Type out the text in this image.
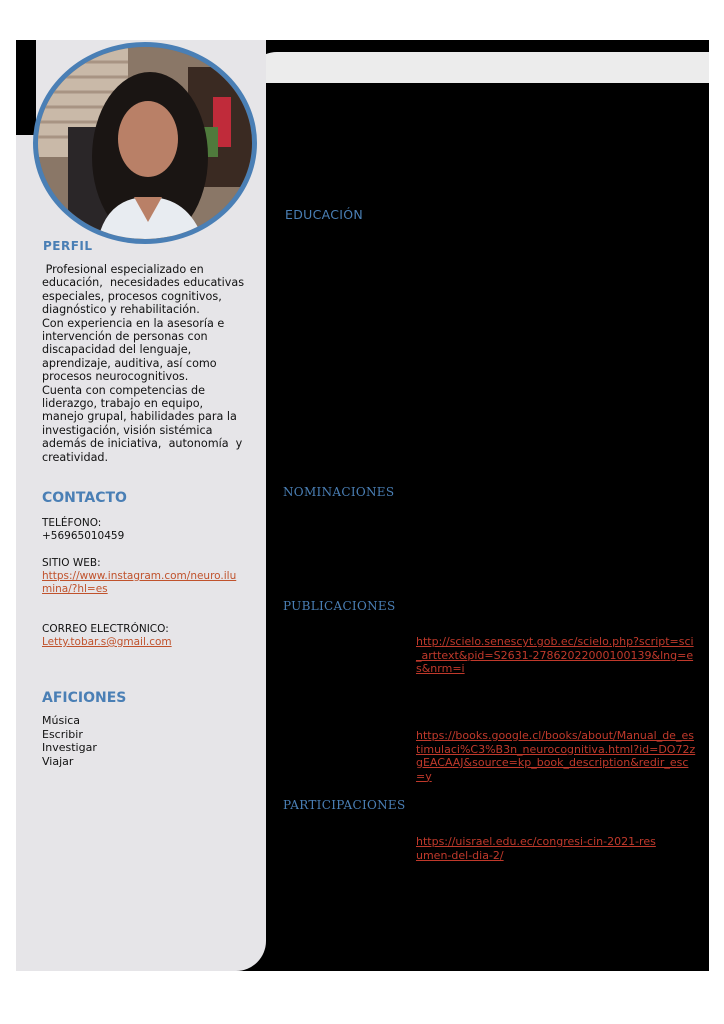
PERFIL
Profesional especializado en educación,  necesidades educativas especiales, procesos cognitivos, diagnóstico y rehabilitación.
Con experiencia en la asesoría e intervención de personas con discapacidad del lenguaje, aprendizaje, auditiva, así como procesos neurocognitivos.
Cuenta con competencias de liderazgo, trabajo en equipo, manejo grupal, habilidades para la investigación, visión sistémica además de iniciativa,  autonomía  y creatividad.
CONTACTO
TELÉFONO:
+56965010459
SITIO WEB:
https://www.instagram.com/neuro.ilumina/?hl=es
CORREO ELECTRÓNICO:
Letty.tobar.s@gmail.com
AFICIONES
Música
Escribir
Investigar
Viajar
EDUCACIÓN
NOMINACIONES
PUBLICACIONES
http://scielo.senescyt.gob.ec/scielo.php?script=sci_arttext&pid=S2631-27862022000100139&lng=es&nrm=i
https://books.google.cl/books/about/Manual_de_estimulaci%C3%B3n_neurocognitiva.html?id=DO72zgEACAAJ&source=kp_book_description&redir_esc=y
PARTICIPACIONES
https://uisrael.edu.ec/congresi-cin-2021-resumen-del-dia-2/
